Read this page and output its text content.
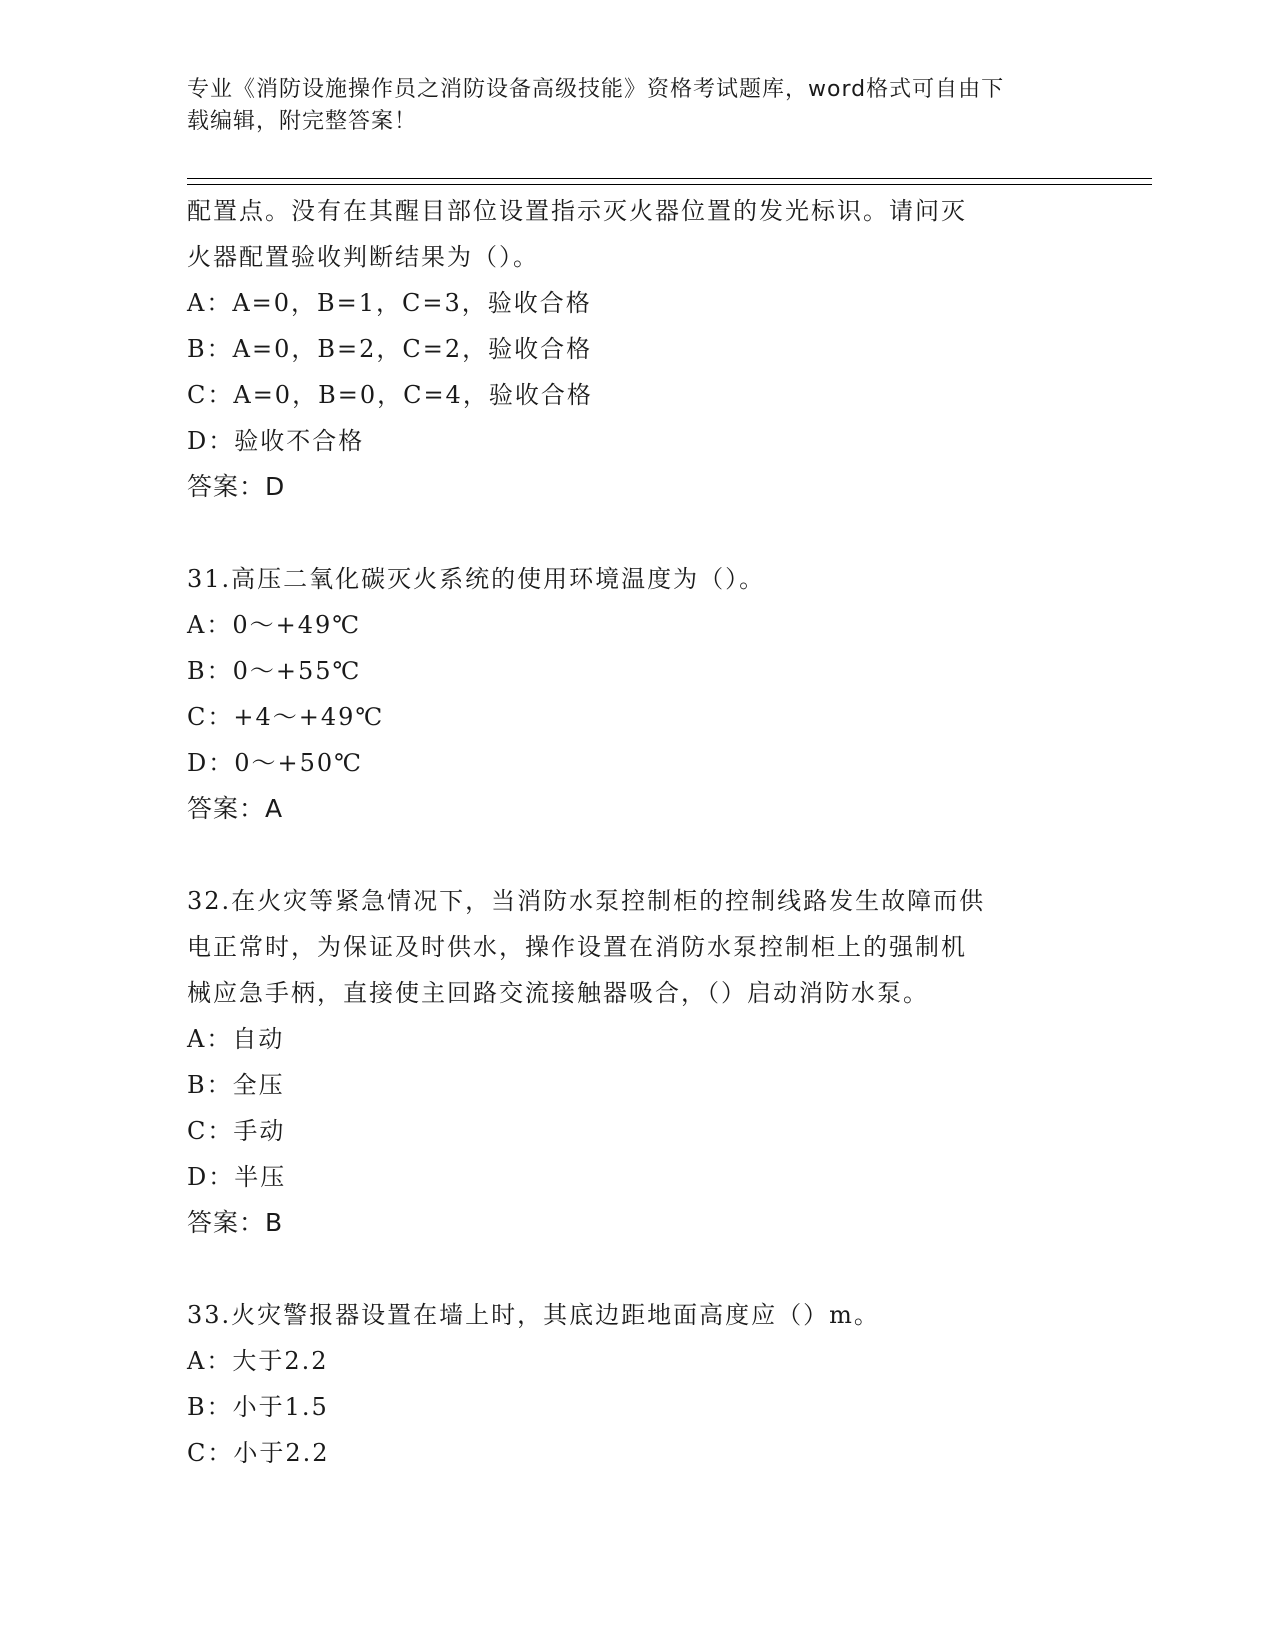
专业《消防设施操作员之消防设备高级技能》资格考试题库，word格式可自由下
载编辑，附完整答案！
配置点。没有在其醒目部位设置指示灭火器位置的发光标识。请问灭
火器配置验收判断结果为（）。
A：A=0，B=1，C=3，验收合格
B：A=0，B=2，C=2，验收合格
C：A=0，B=0，C=4，验收合格
D：验收不合格
答案：D
31.高压二氧化碳灭火系统的使用环境温度为（）。
A：0～+49℃
B：0～+55℃
C：+4～+49℃
D：0～+50℃
答案：A
32.在火灾等紧急情况下，当消防水泵控制柜的控制线路发生故障而供
电正常时，为保证及时供水，操作设置在消防水泵控制柜上的强制机
械应急手柄，直接使主回路交流接触器吸合，（）启动消防水泵。
A：自动
B：全压
C：手动
D：半压
答案：B
33.火灾警报器设置在墙上时，其底边距地面高度应（）m。
A：大于2.2
B：小于1.5
C：小于2.2
